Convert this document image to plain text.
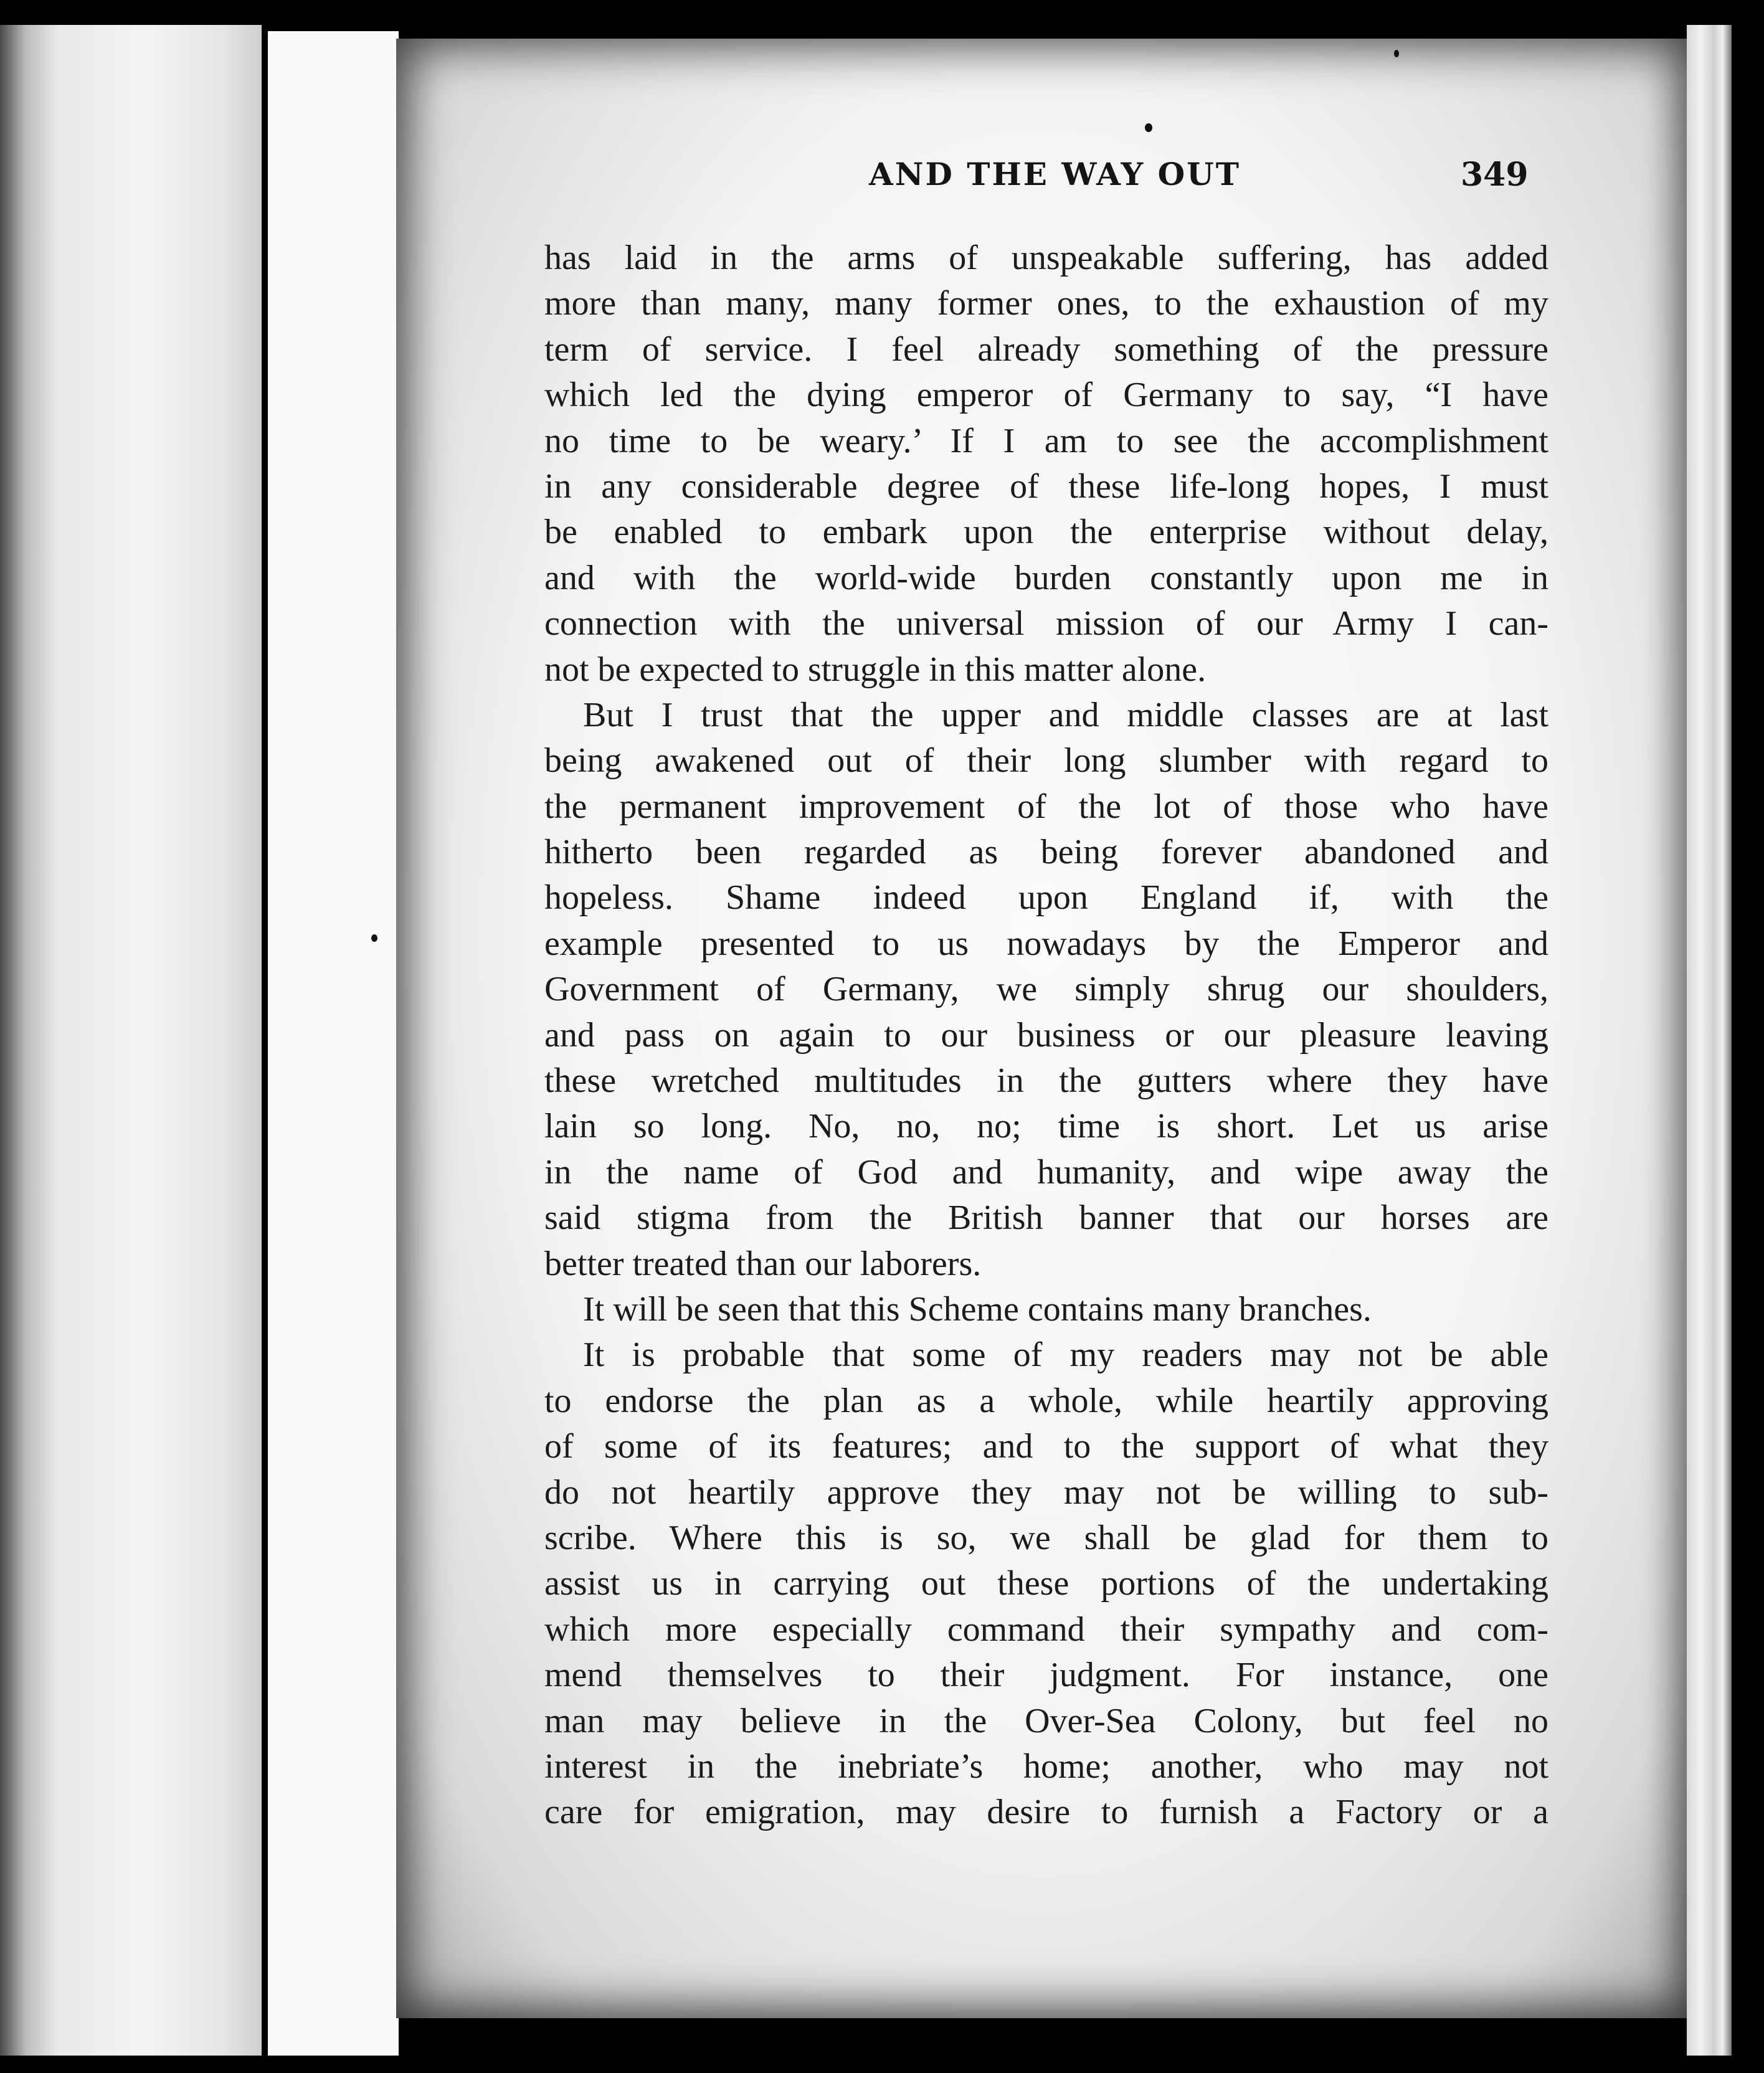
AND THE WAY OUT	349
has laid in the arms of unspeakable suffering, has added
more than many, many former ones, to the exhaustion of my
term of service. I feel already something of the pressure
which led the dying emperor of Germany to say, “I have
no time to be weary.’ If I am to see the accomplishment
in any considerable degree of these life-long hopes, I must
be enabled to embark upon the enterprise without delay,
and with the world-wide burden constantly upon me in
connection with the universal mission of our Army I can-
not be expected to struggle in this matter alone.
But I trust that the upper and middle classes are at last
being awakened out of their long slumber with regard to
the permanent improvement of the lot of those who have
hitherto been regarded as being forever abandoned and
hopeless. Shame indeed upon England if, with the
example presented to us nowadays by the Emperor and
Government of Germany, we simply shrug our shoulders,
and pass on again to our business or our pleasure leaving
these wretched multitudes in the gutters where they have
lain so long. No, no, no; time is short. Let us arise
in the name of God and humanity, and wipe away the
said stigma from the British banner that our horses are
better treated than our laborers.
It will be seen that this Scheme contains many branches.
It is probable that some of my readers may not be able
to endorse the plan as a whole, while heartily approving
of some of its features; and to the support of what they
do not heartily approve they may not be willing to sub-
scribe. Where this is so, we shall be glad for them to
assist us in carrying out these portions of the undertaking
which more especially command their sympathy and com-
mend themselves to their judgment. For instance, one
man may believe in the Over-Sea Colony, but feel no
interest in the inebriate’s home; another, who may not
care for emigration, may desire to furnish a Factory or a
